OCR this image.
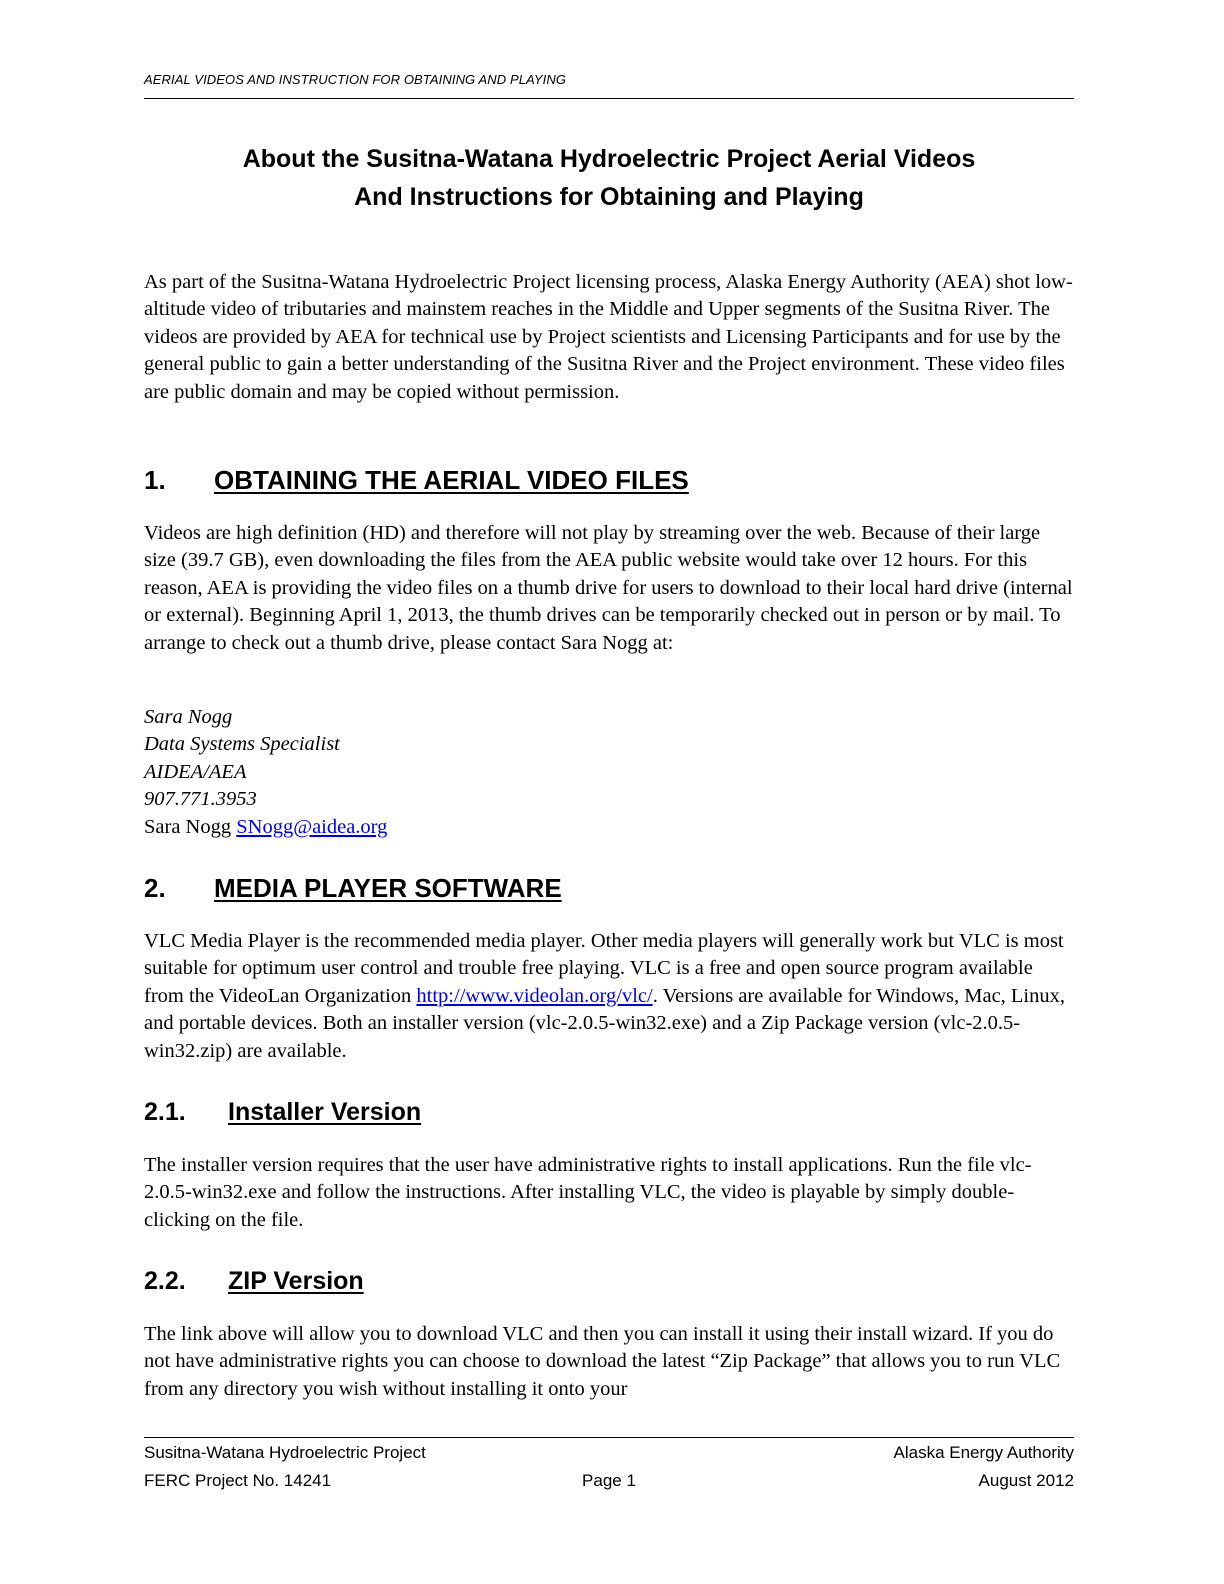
AERIAL VIDEOS AND INSTRUCTION FOR OBTAINING AND PLAYING
About the Susitna-Watana Hydroelectric Project Aerial Videos
And Instructions for Obtaining and Playing

As part of the Susitna-Watana Hydroelectric Project licensing process, Alaska Energy Authority (AEA) shot low-altitude video of tributaries and mainstem reaches in the Middle and Upper segments of the Susitna River. The videos are provided by AEA for technical use by Project scientists and Licensing Participants and for use by the general public to gain a better understanding of the Susitna River and the Project environment. These video files are public domain and may be copied without permission.

1. OBTAINING THE AERIAL VIDEO FILES

Videos are high definition (HD) and therefore will not play by streaming over the web. Because of their large size (39.7 GB), even downloading the files from the AEA public website would take over 12 hours. For this reason, AEA is providing the video files on a thumb drive for users to download to their local hard drive (internal or external). Beginning April 1, 2013, the thumb drives can be temporarily checked out in person or by mail. To arrange to check out a thumb drive, please contact Sara Nogg at:

Sara Nogg
Data Systems Specialist
AIDEA/AEA
907.771.3953
Sara Nogg SNogg@aidea.org
2. MEDIA PLAYER SOFTWARE

VLC Media Player is the recommended media player. Other media players will generally work but VLC is most suitable for optimum user control and trouble free playing. VLC is a free and open source program available from the VideoLan Organization http://www.videolan.org/vlc/. Versions are available for Windows, Mac, Linux, and portable devices. Both an installer version (vlc-2.0.5-win32.exe) and a Zip Package version (vlc-2.0.5-win32.zip) are available.

2.1. Installer Version

The installer version requires that the user have administrative rights to install applications. Run the file vlc-2.0.5-win32.exe and follow the instructions. After installing VLC, the video is playable by simply double-clicking on the file.

2.2. ZIP Version

The link above will allow you to download VLC and then you can install it using their install wizard. If you do not have administrative rights you can choose to download the latest “Zip Package” that allows you to run VLC from any directory you wish without installing it onto your

Susitna-Watana Hydroelectric Project	Alaska Energy Authority
FERC Project No. 14241	Page 1	August 2012
